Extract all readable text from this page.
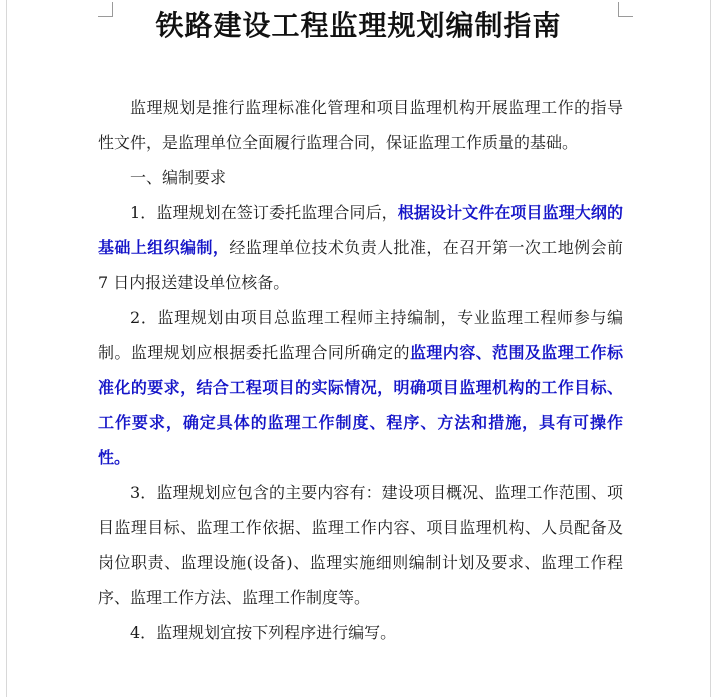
铁路建设工程监理规划编制指南

监理规划是推行监理标准化管理和项目监理机构开展监理工作的指导性文件，是监理单位全面履行监理合同，保证监理工作质量的基础。

一、编制要求

1．监理规划在签订委托监理合同后，根据设计文件在项目监理大纲的基础上组织编制，经监理单位技术负责人批准，在召开第一次工地例会前 7 日内报送建设单位核备。

2．监理规划由项目总监理工程师主持编制，专业监理工程师参与编制。监理规划应根据委托监理合同所确定的监理内容、范围及监理工作标准化的要求，结合工程项目的实际情况，明确项目监理机构的工作目标、工作要求，确定具体的监理工作制度、程序、方法和措施，具有可操作性。

3．监理规划应包含的主要内容有：建设项目概况、监理工作范围、项目监理目标、监理工作依据、监理工作内容、项目监理机构、人员配备及岗位职责、监理设施(设备)、监理实施细则编制计划及要求、监理工作程序、监理工作方法、监理工作制度等。

4．监理规划宜按下列程序进行编写。
